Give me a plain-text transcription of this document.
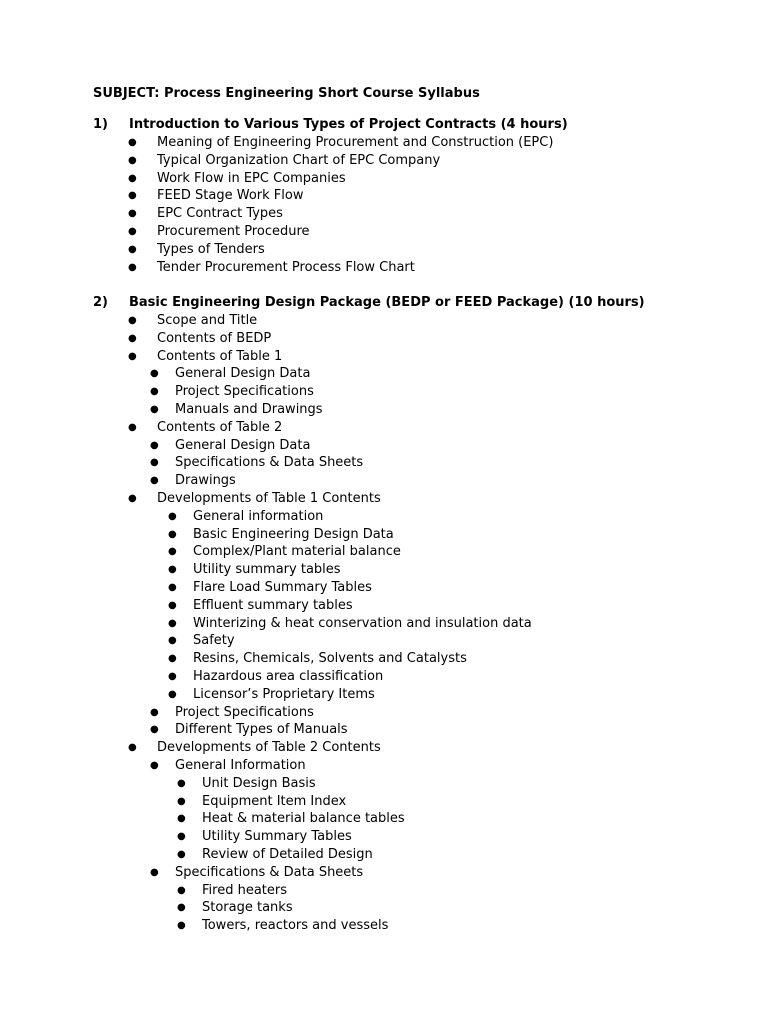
SUBJECT: Process Engineering Short Course Syllabus
1) Introduction to Various Types of Project Contracts (4 hours)
● Meaning of Engineering Procurement and Construction (EPC)
● Typical Organization Chart of EPC Company
● Work Flow in EPC Companies
● FEED Stage Work Flow
● EPC Contract Types
● Procurement Procedure
● Types of Tenders
● Tender Procurement Process Flow Chart
2) Basic Engineering Design Package (BEDP or FEED Package) (10 hours)
● Scope and Title
● Contents of BEDP
● Contents of Table 1
● General Design Data
● Project Specifications
● Manuals and Drawings
● Contents of Table 2
● General Design Data
● Specifications & Data Sheets
● Drawings
● Developments of Table 1 Contents
● General information
● Basic Engineering Design Data
● Complex/Plant material balance
● Utility summary tables
● Flare Load Summary Tables
● Effluent summary tables
● Winterizing & heat conservation and insulation data
● Safety
● Resins, Chemicals, Solvents and Catalysts
● Hazardous area classification
● Licensor’s Proprietary Items
● Project Specifications
● Different Types of Manuals
● Developments of Table 2 Contents
● General Information
● Unit Design Basis
● Equipment Item Index
● Heat & material balance tables
● Utility Summary Tables
● Review of Detailed Design
● Specifications & Data Sheets
● Fired heaters
● Storage tanks
● Towers, reactors and vessels
